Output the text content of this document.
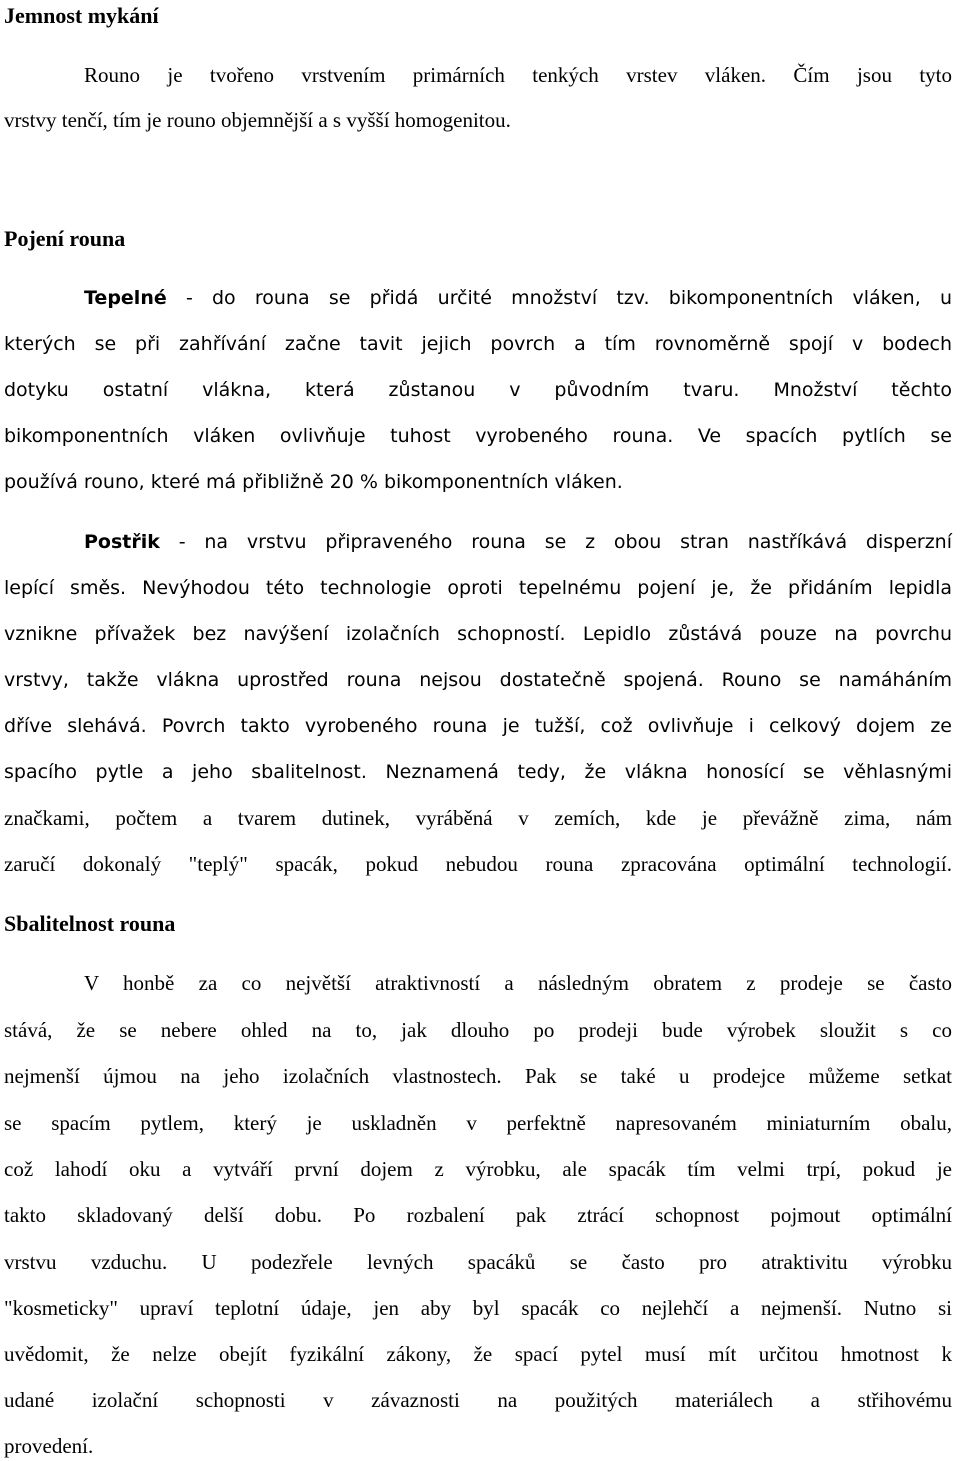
Jemnost mykání
Rouno je tvořeno vrstvením primárních tenkých vrstev vláken. Čím jsou tyto
vrstvy tenčí, tím je rouno objemnější a s vyšší homogenitou.
Pojení rouna
Tepelné - do rouna se přidá určité množství tzv. bikomponentních vláken, u
kterých se při zahřívání začne tavit jejich povrch a tím rovnoměrně spojí v bodech
dotyku ostatní vlákna, která zůstanou v původním tvaru. Množství těchto
bikomponentních vláken ovlivňuje tuhost vyrobeného rouna. Ve spacích pytlích se
používá rouno, které má přibližně 20 % bikomponentních vláken.
Postřik - na vrstvu připraveného rouna se z obou stran nastříkává disperzní
lepící směs. Nevýhodou této technologie oproti tepelnému pojení je, že přidáním lepidla
vznikne přívažek bez navýšení izolačních schopností. Lepidlo zůstává pouze na povrchu
vrstvy, takže vlákna uprostřed rouna nejsou dostatečně spojená. Rouno se namáháním
dříve slehává. Povrch takto vyrobeného rouna je tužší, což ovlivňuje i celkový dojem ze
spacího pytle a jeho sbalitelnost. Neznamená tedy, že vlákna honosící se věhlasnými
značkami, počtem a tvarem dutinek, vyráběná v zemích, kde je převážně zima, nám
zaručí dokonalý "teplý" spacák, pokud nebudou rouna zpracována optimální technologií.
Sbalitelnost rouna
V honbě za co největší atraktivností a následným obratem z prodeje se často
stává, že se nebere ohled na to, jak dlouho po prodeji bude výrobek sloužit s co
nejmenší újmou na jeho izolačních vlastnostech. Pak se také u prodejce můžeme setkat
se spacím pytlem, který je uskladněn v perfektně napresovaném miniaturním obalu,
což lahodí oku a vytváří první dojem z výrobku, ale spacák tím velmi trpí, pokud je
takto skladovaný delší dobu. Po rozbalení pak ztrácí schopnost pojmout optimální
vrstvu vzduchu. U podezřele levných spacáků se často pro atraktivitu výrobku
"kosmeticky" upraví teplotní údaje, jen aby byl spacák co nejlehčí a nejmenší. Nutno si
uvědomit, že nelze obejít fyzikální zákony, že spací pytel musí mít určitou hmotnost k
udané izolační schopnosti v závaznosti na použitých materiálech a střihovému
provedení.
